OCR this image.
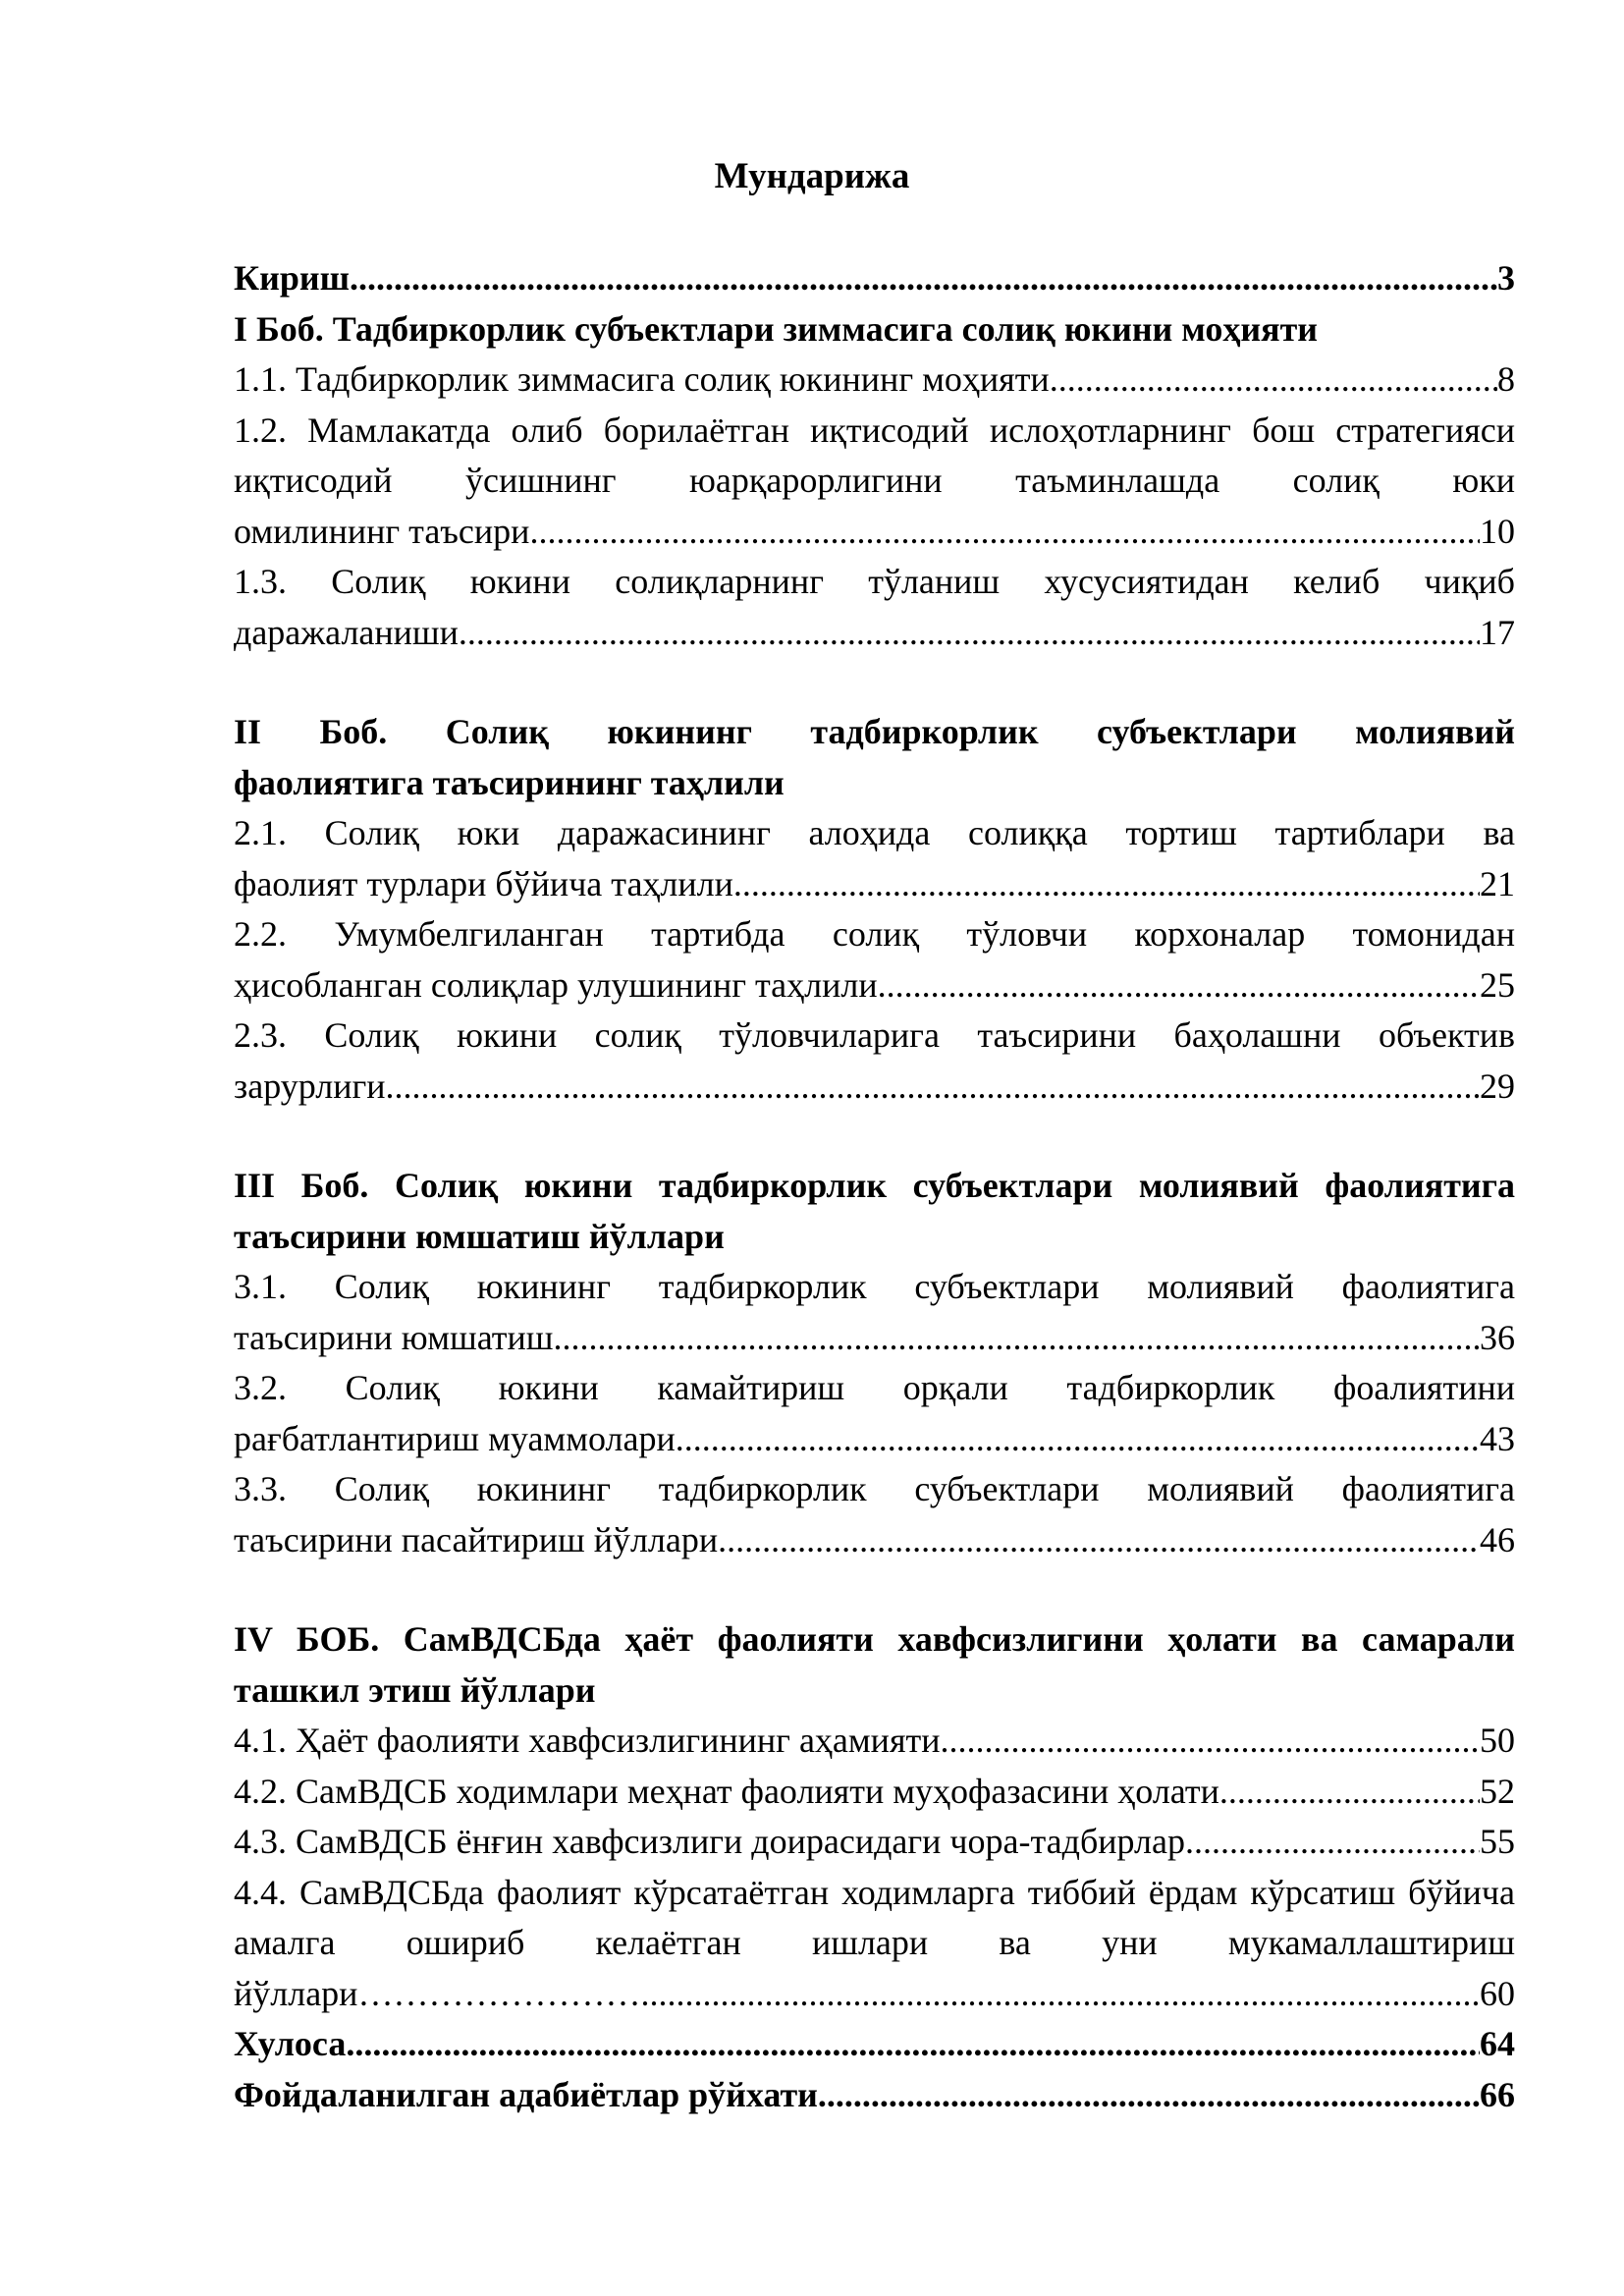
Мундарижа
Кириш .....	3
I Боб. Тадбиркорлик субъектлари зиммасига солиқ юкини моҳияти
1.1. Тадбиркорлик зиммасига солиқ юкининг моҳияти .....	8
1.2. Мамлакатда олиб борилаётган иқтисодий ислоҳотларнинг бош стратегияси иқтисодий ўсишнинг юарқарорлигини таъминлашда солиқ юки
омилининг таъсири .....	10
1.3. Солиқ юкини солиқларнинг тўланиш хусусиятидан келиб чиқиб
даражаланиши .....	17
II Боб. Солиқ юкининг тадбиркорлик субъектлари молиявий
фаолиятига таъсирининг таҳлили
2.1. Солиқ юки даражасининг алоҳида солиққа тортиш тартиблари ва
фаолият турлари бўйича таҳлили .....	21
2.2. Умумбелгиланган тартибда солиқ тўловчи корхоналар томонидан
ҳисобланган солиқлар улушининг таҳлили .....	25
2.3. Солиқ юкини солиқ тўловчиларига таъсирини баҳолашни объектив
зарурлиги .....	29
III Боб. Солиқ юкини тадбиркорлик субъектлари молиявий фаолиятига
таъсирини юмшатиш йўллари
3.1. Солиқ юкининг тадбиркорлик субъектлари молиявий фаолиятига
таъсирини юмшатиш .....	36
3.2. Солиқ юкини камайтириш орқали тадбиркорлик фоалиятини
рағбатлантириш муаммолари .....	43
3.3. Солиқ юкининг тадбиркорлик субъектлари молиявий фаолиятига
таъсирини пасайтириш йўллари .....	46
IV БОБ. СамВДСБда ҳаёт фаолияти хавфсизлигини ҳолати ва самарали
ташкил этиш йўллари
4.1. Ҳаёт фаолияти хавфсизлигининг аҳамияти .....	50
4.2. СамВДСБ ходимлари меҳнат фаолияти муҳофазасини ҳолати .....	52
4.3. СамВДСБ ёнғин хавфсизлиги доирасидаги чора-тадбирлар .....	55
4.4. СамВДСБда фаолият кўрсатаётган ходимларга тиббий ёрдам кўрсатиш бўйича амалга ошириб келаётган ишлари ва уни мукамаллаштириш
йўллари…………………… .....	60
Хулоса .....	64
Фойдаланилган адабиётлар рўйхати .....	66
